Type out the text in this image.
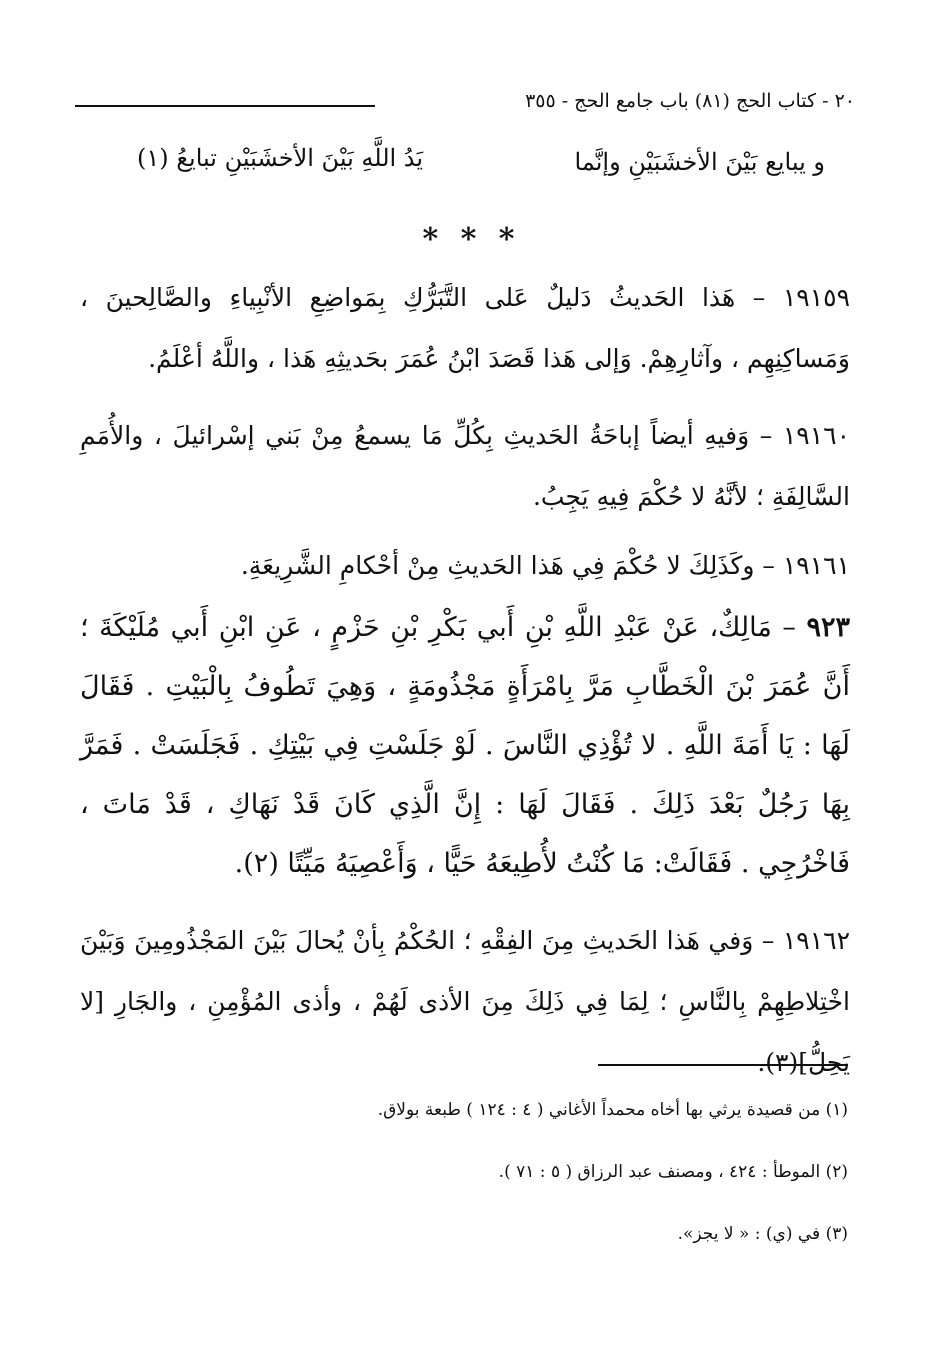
٢٠ - كتاب الحج (٨١) باب جامع الحج - ٣٥٥
و يبايع بَيْنَ الأخشَبَيْنِ وإنَّما
يَدُ اللَّهِ بَيْنَ الأخشَبَيْنِ تبايعُ (١)
* * *

١٩١٥٩ – هَذا الحَديثُ دَليلٌ عَلى التَّبَرُّكِ بِمَواضِعِ الأنْبِياءِ والصَّالِحينَ ، وَمَساكِنِهِم ، وآثارِهِمْ. وَإلى هَذا قَصَدَ ابْنُ عُمَرَ بحَديثِهِ هَذا ، واللَّهُ أعْلَمُ.

١٩١٦٠ – وَفيهِ أيضاً إباحَةُ الحَديثِ بِكُلِّ مَا يسمعُ مِنْ بَني إسْرائيلَ ، والأُمَمِ السَّالِفَةِ ؛ لأنَّهُ لا حُكْمَ فِيهِ يَجِبُ.

١٩١٦١ – وكَذَلِكَ لا حُكْمَ فِي هَذا الحَديثِ مِنْ أحْكامِ الشَّرِيعَةِ.

٩٢٣ – مَالِكٌ، عَنْ عَبْدِ اللَّهِ بْنِ أَبي بَكْرِ بْنِ حَزْمٍ ، عَنِ ابْنِ أَبي مُلَيْكَةَ ؛ أَنَّ عُمَرَ بْنَ الْخَطَّابِ مَرَّ بِامْرَأَةٍ مَجْذُومَةٍ ، وَهِيَ تَطُوفُ بِالْبَيْتِ . فَقَالَ لَهَا : يَا أَمَةَ اللَّهِ . لا تُؤْذِي النَّاسَ . لَوْ جَلَسْتِ فِي بَيْتِكِ . فَجَلَسَتْ . فَمَرَّ بِهَا رَجُلٌ بَعْدَ ذَلِكَ . فَقَالَ لَهَا : إِنَّ الَّذِي كَانَ قَدْ نَهَاكِ ، قَدْ مَاتَ ، فَاخْرُجِي . فَقَالَتْ: مَا كُنْتُ لأُطِيعَهُ حَيًّا ، وَأَعْصِيَهُ مَيِّتًا (٢).

١٩١٦٢ – وَفي هَذا الحَديثِ مِنَ الفِقْهِ ؛ الحُكْمُ بِأنْ يُحالَ بَيْنَ المَجْذُومِينَ وَبَيْنَ اخْتِلاطِهِمْ بِالنَّاسِ ؛ لِمَا فِي ذَلِكَ مِنَ الأذى لَهُمْ ، وأذى المُؤْمِنِ ، والجَارِ [لا يَحِلُّ](٣).

(١) من قصيدة يرثي بها أخاه محمداً الأغاني ( ٤ : ١٢٤ ) طبعة بولاق.

(٢) الموطأ : ٤٢٤ ، ومصنف عبد الرزاق ( ٥ : ٧١ ).

(٣) في (ي) : « لا يجز».
